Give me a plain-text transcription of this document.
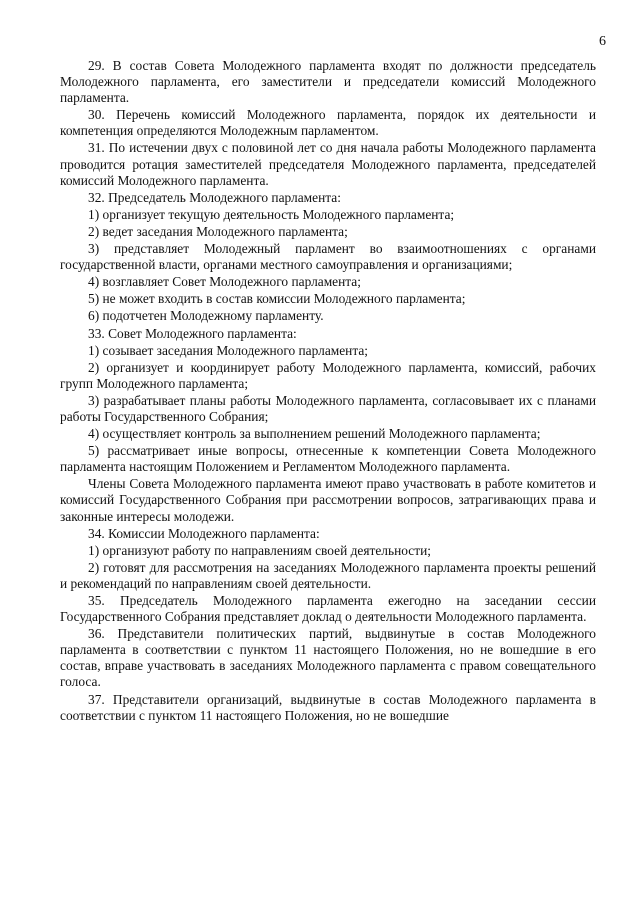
6

29. В состав Совета Молодежного парламента входят по должности председатель Молодежного парламента, его заместители и председатели комиссий Молодежного парламента.

30. Перечень комиссий Молодежного парламента, порядок их деятельности и компетенция определяются Молодежным парламентом.

31. По истечении двух с половиной лет со дня начала работы Молодежного парламента проводится ротация заместителей председателя Молодежного парламента, председателей комиссий Молодежного парламента.

32. Председатель Молодежного парламента:

1) организует текущую деятельность Молодежного парламента;

2) ведет заседания Молодежного парламента;

3) представляет Молодежный парламент во взаимоотношениях с органами государственной власти, органами местного самоуправления и организациями;

4) возглавляет Совет Молодежного парламента;

5) не может входить в состав комиссии Молодежного парламента;

6) подотчетен Молодежному парламенту.

33. Совет Молодежного парламента:

1) созывает заседания Молодежного парламента;

2) организует и координирует работу Молодежного парламента, комиссий, рабочих групп Молодежного парламента;

3) разрабатывает планы работы Молодежного парламента, согласовывает их с планами работы Государственного Собрания;

4) осуществляет контроль за выполнением решений Молодежного парламента;

5) рассматривает иные вопросы, отнесенные к компетенции Совета Молодежного парламента настоящим Положением и Регламентом Молодежного парламента.

Члены Совета Молодежного парламента имеют право участвовать в работе комитетов и комиссий Государственного Собрания при рассмотрении вопросов, затрагивающих права и законные интересы молодежи.

34. Комиссии Молодежного парламента:

1) организуют работу по направлениям своей деятельности;

2) готовят для рассмотрения на заседаниях Молодежного парламента проекты решений и рекомендаций по направлениям своей деятельности.

35. Председатель Молодежного парламента ежегодно на заседании сессии Государственного Собрания представляет доклад о деятельности Молодежного парламента.

36. Представители политических партий, выдвинутые в состав Молодежного парламента в соответствии с пунктом 11 настоящего Положения, но не вошедшие в его состав, вправе участвовать в заседаниях Молодежного парламента с правом совещательного голоса.

37. Представители организаций, выдвинутые в состав Молодежного парламента в соответствии с пунктом 11 настоящего Положения, но не вошедшие
